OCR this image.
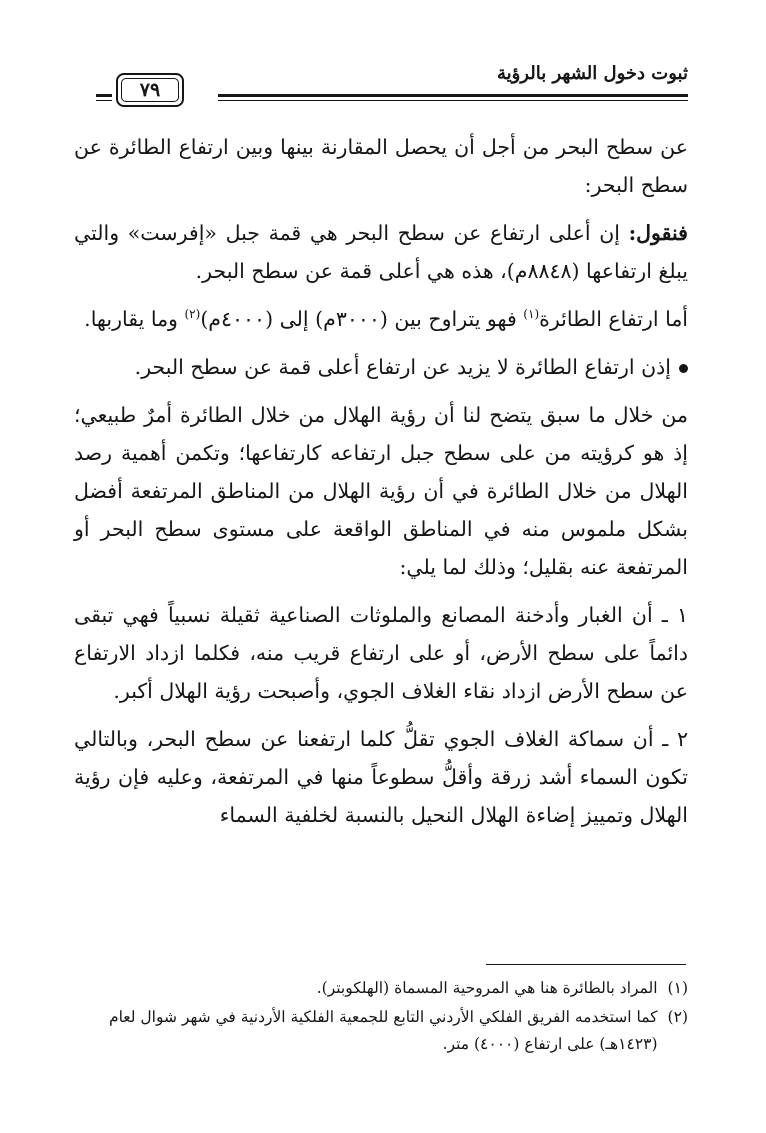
ثبوت دخول الشهر بالرؤية
٧٩

عن سطح البحر من أجل أن يحصل المقارنة بينها وبين ارتفاع الطائرة عن سطح البحر:

فنقول: إن أعلى ارتفاع عن سطح البحر هي قمة جبل «إفرست» والتي يبلغ ارتفاعها (٨٨٤٨م)، هذه هي أعلى قمة عن سطح البحر.

أما ارتفاع الطائرة$^{(١)}$ فهو يتراوح بين (٣٠٠٠م) إلى (٤٠٠٠م)$^{(٢)}$ وما يقاربها.

إذن ارتفاع الطائرة لا يزيد عن ارتفاع أعلى قمة عن سطح البحر.

من خلال ما سبق يتضح لنا أن رؤية الهلال من خلال الطائرة أمرٌ طبيعي؛ إذ هو كرؤيته من على سطح جبل ارتفاعه كارتفاعها؛ وتكمن أهمية رصد الهلال من خلال الطائرة في أن رؤية الهلال من المناطق المرتفعة أفضل بشكل ملموس منه في المناطق الواقعة على مستوى سطح البحر أو المرتفعة عنه بقليل؛ وذلك لما يلي:

١ ـ أن الغبار وأدخنة المصانع والملوثات الصناعية ثقيلة نسبياً فهي تبقى دائماً على سطح الأرض، أو على ارتفاع قريب منه، فكلما ازداد الارتفاع عن سطح الأرض ازداد نقاء الغلاف الجوي، وأصبحت رؤية الهلال أكبر.

٢ ـ أن سماكة الغلاف الجوي تقلُّ كلما ارتفعنا عن سطح البحر، وبالتالي تكون السماء أشد زرقة وأقلُّ سطوعاً منها في المرتفعة، وعليه فإن رؤية الهلال وتمييز إضاءة الهلال النحيل بالنسبة لخلفية السماء

(١)
المراد بالطائرة هنا هي المروحية المسماة (الهلكوبتر).
(٢)
كما استخدمه الفريق الفلكي الأردني التابع للجمعية الفلكية الأردنية في شهر شوال لعام (١٤٢٣هـ) على ارتفاع (٤٠٠٠) متر.
